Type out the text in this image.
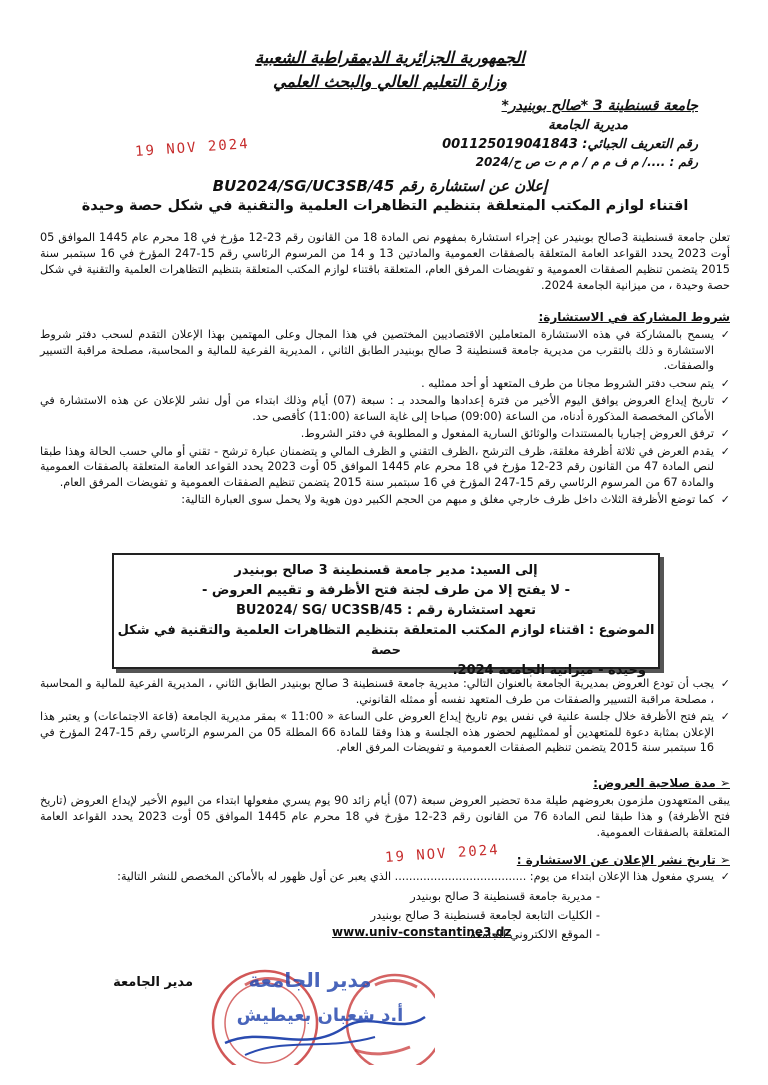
الجمهورية الجزائرية الديمقراطية الشعبية
وزارة التعليم العالي والبحث العلمي
جامعة قسنطينة 3 *صالح بوبنيدر*
مديرية الجامعة
رقم التعريف الجبائي: 001125019041843
رقم : ..../ م ف م م / م م ت ص ح/2024
19 NOV 2024
إعلان عن استشارة رقم BU2024/SG/UC3SB/45
اقتناء لوازم المكتب المتعلقة بتنظيم التظاهرات العلمية والتقنية في شكل حصة وحيدة
تعلن جامعة قسنطينة 3صالح بوبنيدر عن إجراء استشارة بمفهوم نص المادة 18 من القانون رقم 23-12 مؤرخ في 18 محرم عام 1445 الموافق 05 أوت 2023 يحدد القواعد العامة المتعلقة بالصفقات العمومية والمادتين 13 و 14 من المرسوم الرئاسي رقم 15-247 المؤرخ في 16 سبتمبر سنة 2015 يتضمن تنظيم الصفقات العمومية و تفويضات المرفق العام، المتعلقة باقتناء لوازم المكتب المتعلقة بتنظيم التظاهرات العلمية والتقنية في شكل حصة وحيدة ، من ميزانية الجامعة 2024.
شروط المشاركة في الاستشارة:
✓
يسمح بالمشاركة في هذه الاستشارة المتعاملين الاقتصاديين المختصين في هذا المجال وعلى المهتمين بهذا الإعلان التقدم لسحب دفتر شروط الاستشارة و ذلك بالتقرب من مديرية جامعة قسنطينة 3 صالح بوبنيدر الطابق الثاني ، المديرية الفرعية للمالية و المحاسبة، مصلحة مراقبة التسيير والصفقات.
✓
يتم سحب دفتر الشروط مجانا من طرف المتعهد أو أحد ممثليه .
✓
تاريخ إيداع العروض يوافق اليوم الأخير من فترة إعدادها والمحدد بـ : سبعة (07) أيام وذلك ابتداء من أول نشر للإعلان عن هذه الاستشارة في الأماكن المخصصة المذكورة أدناه، من الساعة (09:00) صباحا إلى غاية الساعة (11:00) كأقصى حد.
✓
ترفق العروض إجباريا بالمستندات والوثائق السارية المفعول و المطلوبة في دفتر الشروط.
✓
يقدم العرض في ثلاثة أظرفة مغلقة، ظرف الترشح ،الظرف التقني و الظرف المالي و يتضمنان عبارة ترشح - تقني أو مالي حسب الحالة وهذا طبقا لنص المادة 47 من القانون رقم 23-12 مؤرخ في 18 محرم عام 1445 الموافق 05 أوت 2023 يحدد القواعد العامة المتعلقة بالصفقات العمومية والمادة 67 من المرسوم الرئاسي رقم 15-247 المؤرخ في 16 سبتمبر سنة 2015 يتضمن تنظيم الصفقات العمومية و تفويضات المرفق العام.
✓
كما توضع الأظرفة الثلاث داخل ظرف خارجي مغلق و مبهم من الحجم الكبير دون هوية ولا يحمل سوى العبارة التالية:
إلى السيد: مدير جامعة قسنطينة 3 صالح بوبنيدر
- لا يفتح إلا من طرف لجنة فتح الأظرفة و تقييم العروض -
تعهد استشارة رقم : BU2024/ SG/ UC3SB/45
الموضوع : اقتناء لوازم المكتب المتعلقة بتنظيم التظاهرات العلمية والتقنية في شكل حصة
وحيدة - ميزانية الجامعة 2024.
✓
يجب أن تودع العروض بمديرية الجامعة بالعنوان التالي: مديرية جامعة قسنطينة 3 صالح بوبنيدر الطابق الثاني ، المديرية الفرعية للمالية و المحاسبة ، مصلحة مراقبة التسيير والصفقات من طرف المتعهد نفسه أو ممثله القانوني.
✓
يتم فتح الأظرفة خلال جلسة علنية في نفس يوم تاريخ إيداع العروض على الساعة « 11:00 » بمقر مديرية الجامعة (قاعة الاجتماعات) و يعتبر هذا الإعلان بمثابة دعوة للمتعهدين أو لممثليهم لحضور هذه الجلسة و هذا وفقا للمادة 66 المطلة 05 من المرسوم الرئاسي رقم 15-247 المؤرخ في 16 سبتمبر سنة 2015 يتضمن تنظيم الصفقات العمومية و تفويضات المرفق العام.
➢ مدة صلاحية العروض:
يبقى المتعهدون ملزمون بعروضهم طيلة مدة تحضير العروض سبعة (07) أيام زائد 90 يوم يسري مفعولها ابتداء من اليوم الأخير لإيداع العروض (تاريخ فتح الأظرفة) و هذا طبقا لنص المادة 76 من القانون رقم 23-12 مؤرخ في 18 محرم عام 1445 الموافق 05 أوت 2023 يحدد القواعد العامة المتعلقة بالصفقات العمومية.
19 NOV 2024	➢ تاريخ نشر الإعلان عن الاستشارة :
✓
يسري مفعول هذا الإعلان ابتداء من يوم: ..................................... الذي يعبر عن أول ظهور له بالأماكن المخصص للنشر التالية:
- مديرية جامعة قسنطينة 3 صالح بوبنيدر
- الكليات التابعة لجامعة قسنطينة 3 صالح بوبنيدر
- الموقع الالكتروني للجامعة
www.univ-constantine3.dz
مدير الجامعة	مدير الجامعة
أ.د شعبان بعيطيش
